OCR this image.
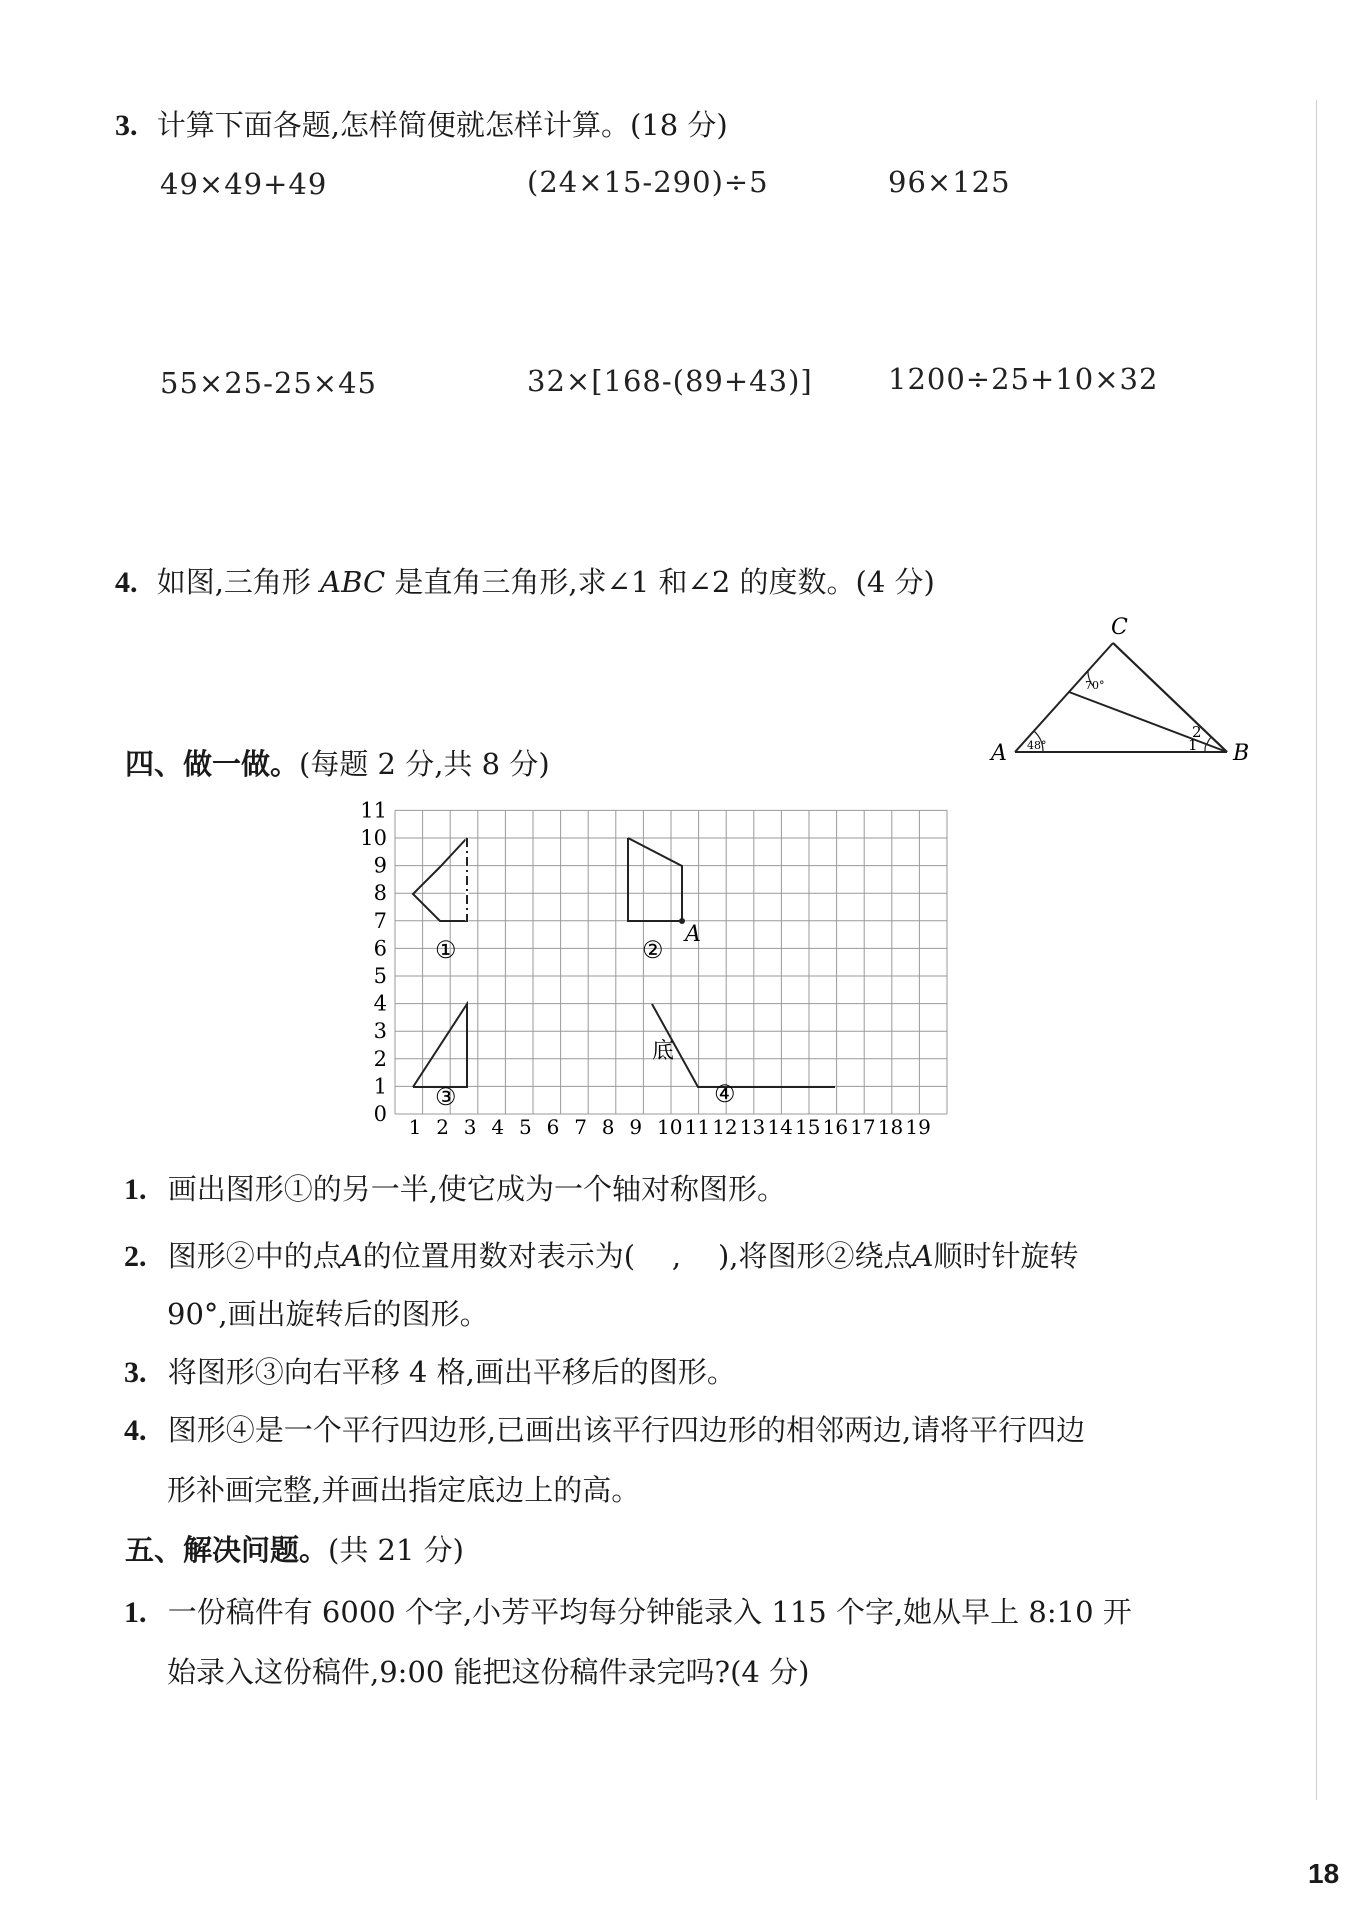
3. 计算下面各题,怎样简便就怎样计算。(18 分)
49×49+49	(24×15-290)÷5	96×125
55×25-25×45	32×[168-(89+43)]	1200÷25+10×32
4. 如图,三角形 ABC 是直角三角形,求∠1 和∠2 的度数。(4 分)
C
A	B
48°
70°
1
2
四、做一做。(每题 2 分,共 8 分)
0
1
2
3
4
5
6
7
8
9
10
11
1 2 3 4 5 6 7 8 9 10 11 12 13 14 15 16 17 18 19
A
底
①	②
③	④
1. 画出图形①的另一半,使它成为一个轴对称图形。
2. 图形②中的点A的位置用数对表示为(    ,    ),将图形②绕点A顺时针旋转
90°,画出旋转后的图形。
3. 将图形③向右平移 4 格,画出平移后的图形。
4. 图形④是一个平行四边形,已画出该平行四边形的相邻两边,请将平行四边
形补画完整,并画出指定底边上的高。
五、解决问题。(共 21 分)
1. 一份稿件有 6000 个字,小芳平均每分钟能录入 115 个字,她从早上 8:10 开
始录入这份稿件,9:00 能把这份稿件录完吗?(4 分)
18
